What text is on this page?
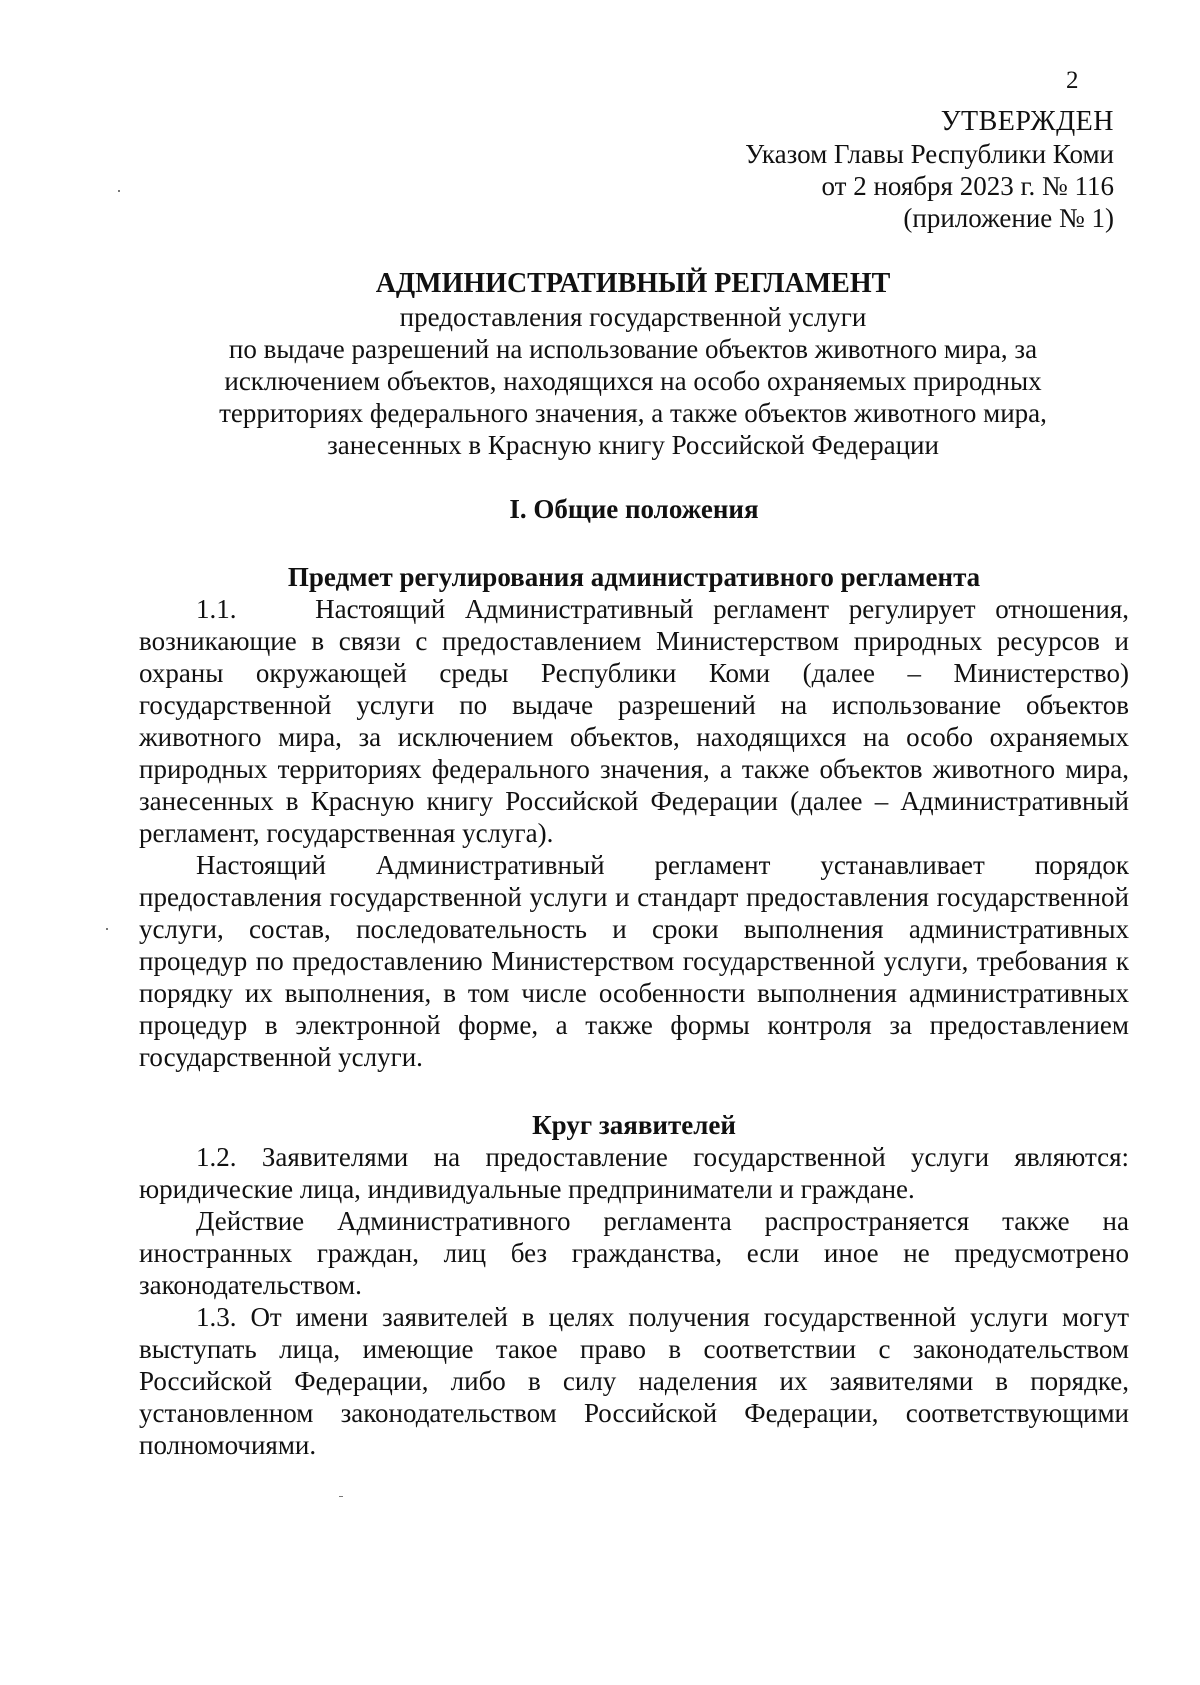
2
УТВЕРЖДЕН
Указом Главы Республики Коми
от 2 ноября 2023 г. № 116
(приложение № 1)
АДМИНИСТРАТИВНЫЙ РЕГЛАМЕНТ
предоставления государственной услуги
по выдаче разрешений на использование объектов животного мира, за
исключением объектов, находящихся на особо охраняемых природных
территориях федерального значения, а также объектов животного мира,
занесенных в Красную книгу Российской Федерации

I. Общие положения

Предмет регулирования административного регламента

1.1.    Настоящий Административный регламент регулирует отношения, возникающие в связи с предоставлением Министерством природных ресурсов и охраны окружающей среды Республики Коми (далее – Министерство) государственной услуги по выдаче разрешений на использование объектов животного мира, за исключением объектов, находящихся на особо охраняемых природных территориях федерального значения, а также объектов животного мира, занесенных в Красную книгу Российской Федерации (далее – Административный регламент, государственная услуга).

Настоящий Административный регламент устанавливает порядок предоставления государственной услуги и стандарт предоставления государственной услуги, состав, последовательность и сроки выполнения административных процедур по предоставлению Министерством государственной услуги, требования к порядку их выполнения, в том числе особенности выполнения административных процедур в электронной форме, а также формы контроля за предоставлением государственной услуги.

Круг заявителей

1.2. Заявителями на предоставление государственной услуги являются: юридические лица, индивидуальные предприниматели и граждане.

Действие Административного регламента распространяется также на иностранных граждан, лиц без гражданства, если иное не предусмотрено законодательством.

1.3. От имени заявителей в целях получения государственной услуги могут выступать лица, имеющие такое право в соответствии с законодательством Российской Федерации, либо в силу наделения их заявителями в порядке, установленном законодательством Российской Федерации, соответствующими полномочиями.
